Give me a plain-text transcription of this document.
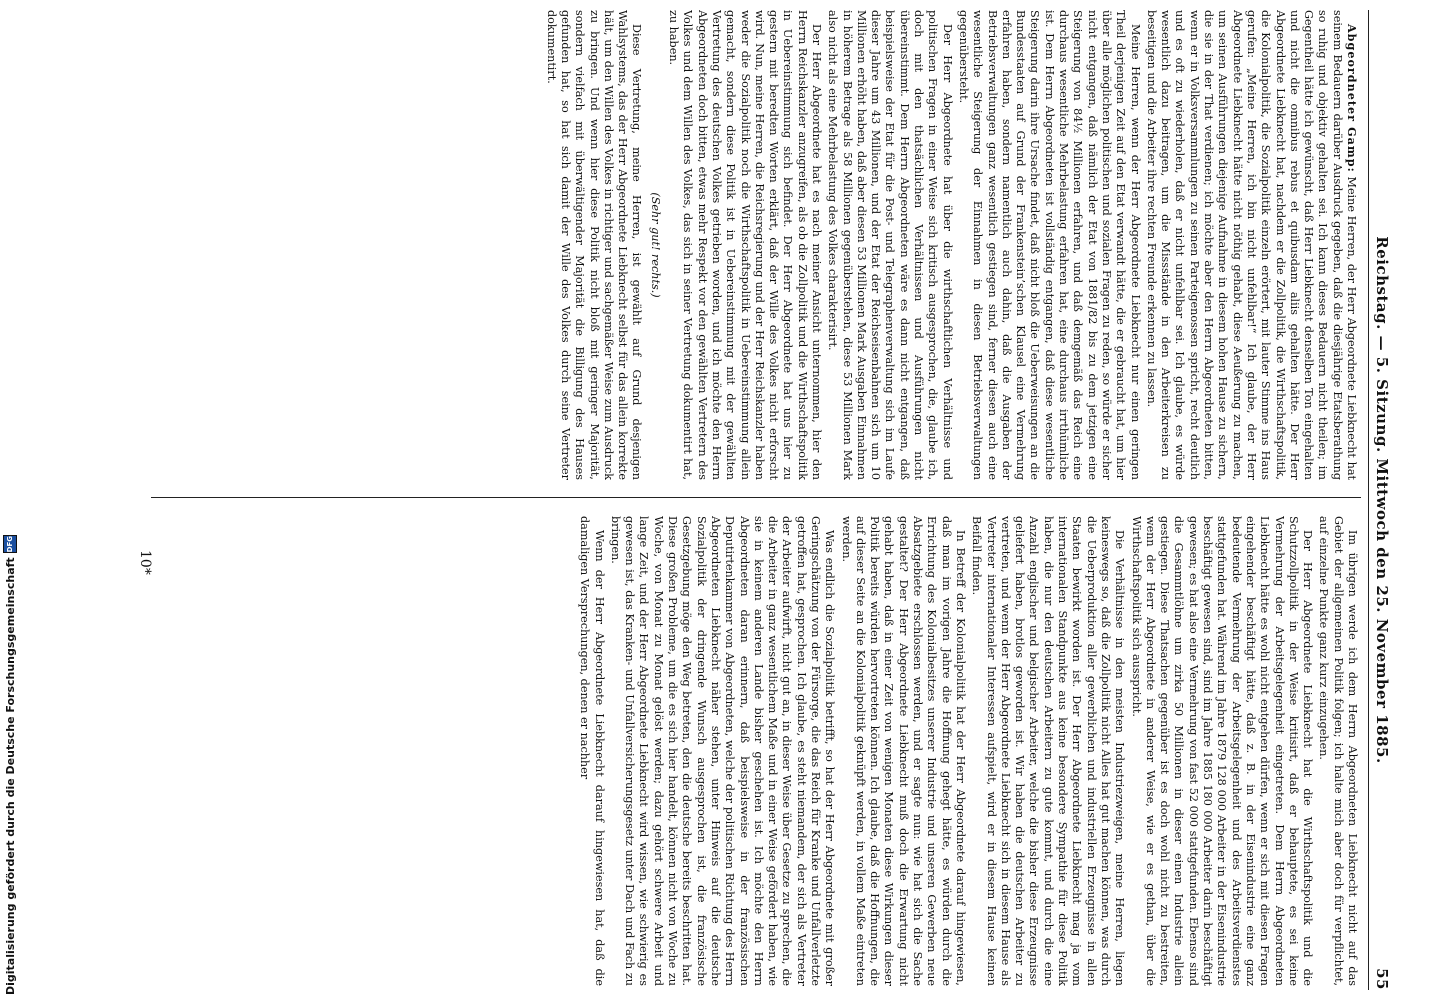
Reichstag. — 5. Sitzung. Mittwoch den 25. November 1885.
55

Abgeordneter Gamp: Meine Herren, der Herr Abgeordnete Liebknecht hat seinem Bedauern darüber Ausdruck gegeben, daß die diesjährige Etatsberathung so ruhig und objektiv gehalten sei. Ich kann dieses Bedauern nicht theilen; im Gegentheil hätte ich gewünscht, daß Herr Liebknecht denselben Ton eingehalten und nicht die omnibus rebus et quibusdam aliis gehalten hätte. Der Herr Abgeordnete Liebknecht hat, nachdem er die Zollpolitik, die Wirthschaftspolitik, die Kolonialpolitik, die Sozialpolitik einzeln erörtert, mit lauter Stimme ins Haus gerufen: „Meine Herren, ich bin nicht unfehlbar!“ Ich glaube, der Herr Abgeordnete Liebknecht hätte nicht nöthig gehabt, diese Aeußerung zu machen, um seinen Ausführungen diejenige Aufnahme in diesem hohen Hause zu sichern, die sie in der That verdienen; ich möchte aber den Herrn Abgeordneten bitten, wenn er in Volksversammlungen zu seinen Parteigenossen spricht, recht deutlich und es oft zu wiederholen, daß er nicht unfehlbar sei. Ich glaube, es würde wesentlich dazu beitragen, um die Missstände in den Arbeiterkreisen zu beseitigen und die Arbeiter ihre rechten Freunde erkennen zu lassen.

Meine Herren, wenn der Herr Abgeordnete Liebknecht nur einen geringen Theil derjenigen Zeit auf den Etat verwandt hätte, die er gebraucht hat, um hier über alle möglichen politischen und sozialen Fragen zu reden, so würde er sicher nicht entgangen, daß nämlich der Etat von 1881/82 bis zu dem jetzigen eine Steigerung von 84½ Millionen erfahren, und daß demgemäß das Reich eine durchaus wesentliche Mehrbelastung erfahren hat, eine durchaus irrthümliche ist. Dem Herrn Abgeordneten ist vollständig entgangen, daß diese wesentliche Steigerung darin ihre Ursache findet, daß nicht bloß die Ueberweisungen an die Bundesstaaten auf Grund der Frankenstein’schen Klausel eine Vermehrung erfahren haben, sondern namentlich auch dahin, daß die Ausgaben der Betriebsverwaltungen ganz wesentlich gestiegen sind, ferner diesen auch eine wesentliche Steigerung der Einnahmen in diesen Betriebsverwaltungen gegenübersteht.

Der Herr Abgeordnete hat über die wirthschaftlichen Verhältnisse und politischen Fragen in einer Weise sich kritisch ausgesprochen, die, glaube ich, doch mit den thatsächlichen Verhältnissen und Ausführungen nicht übereinstimmt. Dem Herrn Abgeordneten wäre es dann nicht entgangen, daß beispielsweise der Etat für die Post- und Telegraphenverwaltung sich im Laufe dieser Jahre um 43 Millionen, und der Etat der Reichseisenbahnen sich um 10 Millionen erhöht haben, daß aber diesen 53 Millionen Mark Ausgaben Einnahmen in höherem Betrage als 58 Millionen gegenüberstehen, diese 53 Millionen Mark also nicht als eine Mehrbelastung des Volkes charakterisirt.

Der Herr Abgeordnete hat es nach meiner Ansicht unternommen, hier den Herrn Reichskanzler anzugreifen, als ob die Zollpolitik und die Wirthschaftspolitik in Uebereinstimmung sich befindet. Der Herr Abgeordnete hat uns hier zu gestern mit beredten Worten erklärt, daß der Wille des Volkes nicht erforscht wird. Nun, meine Herren, die Reichsregierung und der Herr Reichskanzler haben weder die Sozialpolitik noch die Wirthschaftspolitik in Uebereinstimmung allein gemacht, sondern diese Politik ist in Uebereinstimmung mit der gewählten Vertretung des deutschen Volkes getrieben worden, und ich möchte den Herrn Abgeordneten doch bitten, etwas mehr Respekt vor den gewählten Vertretern des Volkes und dem Willen des Volkes, das sich in seiner Vertretung dokumentirt hat, zu haben.

(Sehr gut! rechts.)

Diese Vertretung, meine Herren, ist gewählt auf Grund desjenigen Wahlsystems, das der Herr Abgeordnete Liebknecht selbst für das allein korrekte hält, um den Willen des Volkes in richtiger und sachgemäßer Weise zum Ausdruck zu bringen. Und wenn hier diese Politik nicht bloß mit geringer Majorität, sondern vielfach mit überwältigender Majorität die Billigung des Hauses gefunden hat, so hat sich damit der Wille des Volkes durch seine Vertreter dokumentirt.

Im übrigen werde ich dem Herrn Abgeordneten Liebknecht nicht auf das Gebiet der allgemeinen Politik folgen; ich halte mich aber doch für verpflichtet, auf einzelne Punkte ganz kurz einzugehen.

Der Herr Abgeordnete Liebknecht hat die Wirthschaftspolitik und die Schutzzollpolitik in der Weise kritisirt, daß er behauptete, es sei keine Vermehrung der Arbeitsgelegenheit eingetreten. Dem Herrn Abgeordneten Liebknecht hätte es wohl nicht entgehen dürfen, wenn er sich mit diesen Fragen eingehender beschäftigt hätte, daß z. B. in der Eisenindustrie eine ganz bedeutende Vermehrung der Arbeitsgelegenheit und des Arbeitsverdienstes stattgefunden hat. Während im Jahre 1879 128 000 Arbeiter in der Eisenindustrie beschäftigt gewesen sind, sind im Jahre 1885 180 000 Arbeiter darin beschäftigt gewesen; es hat also eine Vermehrung von fast 52 000 stattgefunden. Ebenso sind die Gesammtlöhne um zirka 50 Millionen in dieser einen Industrie allein gestiegen. Diese Thatsachen gegenüber ist es doch wohl nicht zu bestreiten, wenn der Herr Abgeordnete in anderer Weise, wie er es gethan, über die Wirthschaftspolitik sich ausspricht.

Die Verhältnisse in den meisten Industriezweigen, meine Herren, liegen keineswegs so, daß die Zollpolitik nicht Alles hat gut machen können, was durch die Ueberproduktion aller gewerblichen und industriellen Erzeugnisse in allen Staaten bewirkt worden ist. Der Herr Abgeordnete Liebknecht mag ja vom internationalen Standpunkte aus keine besondere Sympathie für diese Politik haben, die nur den deutschen Arbeitern zu gute kommt, und durch die eine Anzahl englischer und belgischer Arbeiter, welche die bisher diese Erzeugnisse geliefert haben, brotlos geworden ist. Wir haben die deutschen Arbeiter zu vertreten, und wenn der Herr Abgeordnete Liebknecht sich in diesem Hause als Vertreter internationaler Interessen aufspielt, wird er in diesem Hause keinen Beifall finden.

In Betreff der Kolonialpolitik hat der Herr Abgeordnete darauf hingewiesen, daß man im vorigen Jahre die Hoffnung gehegt hätte, es würden durch die Errichtung des Kolonialbesitzes unserer Industrie und unseren Gewerben neue Absatzgebiete erschlossen werden, und er sagte nun: wie hat sich die Sache gestaltet? Der Herr Abgeordnete Liebknecht muß doch die Erwartung nicht gehabt haben, daß in einer Zeit von wenigen Monaten diese Wirkungen dieser Politik bereits würden hervortreten können. Ich glaube, daß die Hoffnungen, die auf dieser Seite an die Kolonialpolitik geknüpft werden, in vollem Maße eintreten werden.

Was endlich die Sozialpolitik betrifft, so hat der Herr Abgeordnete mit großer Geringschätzung von der Fürsorge, die das Reich für Kranke und Unfallverletzte getroffen hat, gesprochen. Ich glaube, es steht niemandem, der sich als Vertreter der Arbeiter aufwirft, nicht gut an, in dieser Weise über Gesetze zu sprechen, die die Arbeiter in ganz wesentlichem Maße und in einer Weise gefördert haben, wie sie in keinem anderen Lande bisher geschehen ist. Ich möchte den Herrn Abgeordneten daran erinnern, daß beispielsweise in der französischen Deputirtenkammer von Abgeordneten, welche der politischen Richtung des Herrn Abgeordneten Liebknecht näher stehen, unter Hinweis auf die deutsche Sozialpolitik der dringende Wunsch ausgesprochen ist, die französische Gesetzgebung möge den Weg betreten, den die deutsche bereits beschritten hat. Diese großen Probleme, um die es sich hier handelt, können nicht von Woche zu Woche, von Monat zu Monat gelöst werden; dazu gehört schwere Arbeit und lange Zeit, und der Herr Abgeordnete Liebknecht wird wissen, wie schwierig es gewesen ist, das Kranken- und Unfallversicherungsgesetz unter Dach und Fach zu bringen.

Wenn der Herr Abgeordnete Liebknecht darauf hingewiesen hat, daß die damaligen Versprechungen, denen er nachher

10*
Digitalisierung gefördert durch die Deutsche Forschungsgemeinschaft
DFG
